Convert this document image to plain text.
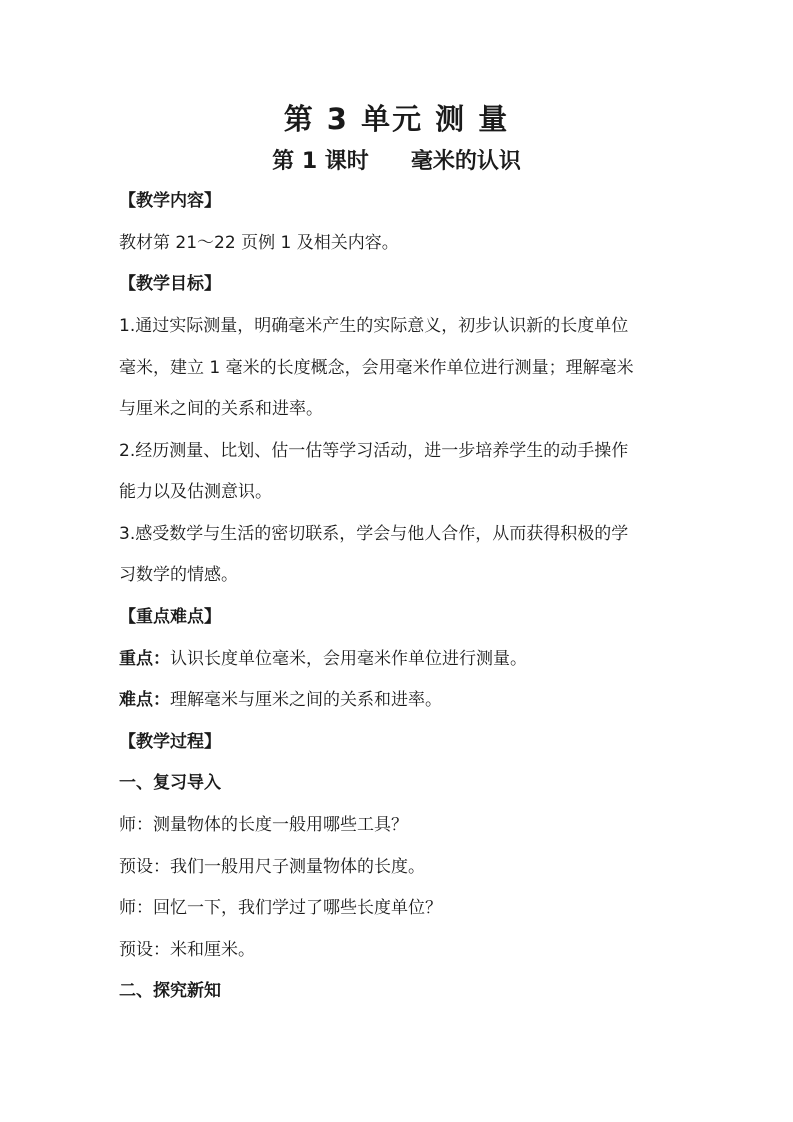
第 3 单元 测 量
第 1 课时 毫米的认识
【教学内容】
教材第 21～22 页例 1 及相关内容。
【教学目标】
1.通过实际测量，明确毫米产生的实际意义，初步认识新的长度单位
毫米，建立 1 毫米的长度概念，会用毫米作单位进行测量；理解毫米
与厘米之间的关系和进率。
2.经历测量、比划、估一估等学习活动，进一步培养学生的动手操作
能力以及估测意识。
3.感受数学与生活的密切联系，学会与他人合作，从而获得积极的学
习数学的情感。
【重点难点】
重点：认识长度单位毫米，会用毫米作单位进行测量。
难点：理解毫米与厘米之间的关系和进率。
【教学过程】
一、复习导入
师：测量物体的长度一般用哪些工具？
预设：我们一般用尺子测量物体的长度。
师：回忆一下，我们学过了哪些长度单位？
预设：米和厘米。
二、探究新知
